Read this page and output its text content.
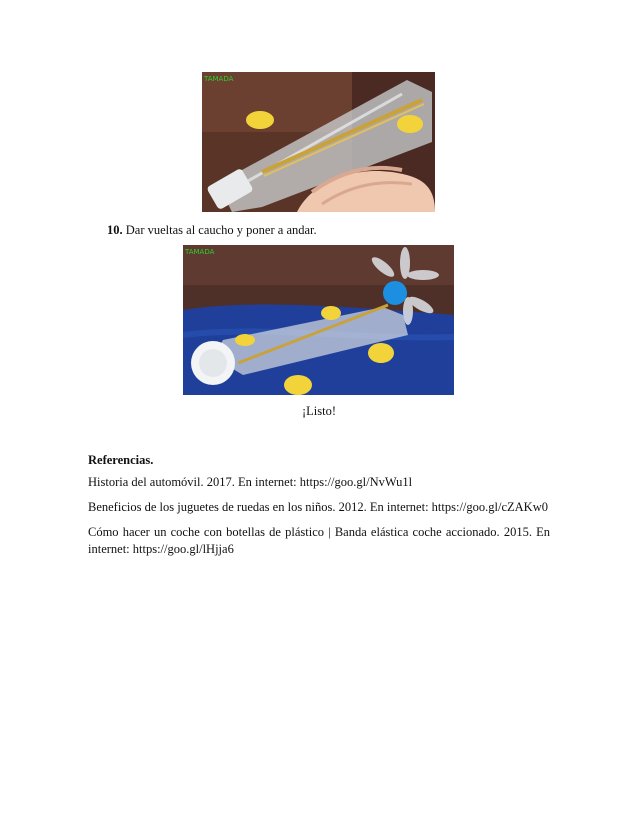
TAMADA
10. Dar vueltas al caucho y poner a andar.
TAMADA
¡Listo!
Referencias.
Historia del automóvil. 2017. En internet: https://goo.gl/NvWu1l
Beneficios de los juguetes de ruedas en los niños. 2012. En internet: https://goo.gl/cZAKw0
Cómo hacer un coche con botellas de plástico | Banda elástica coche accionado. 2015. En internet: https://goo.gl/lHjja6
